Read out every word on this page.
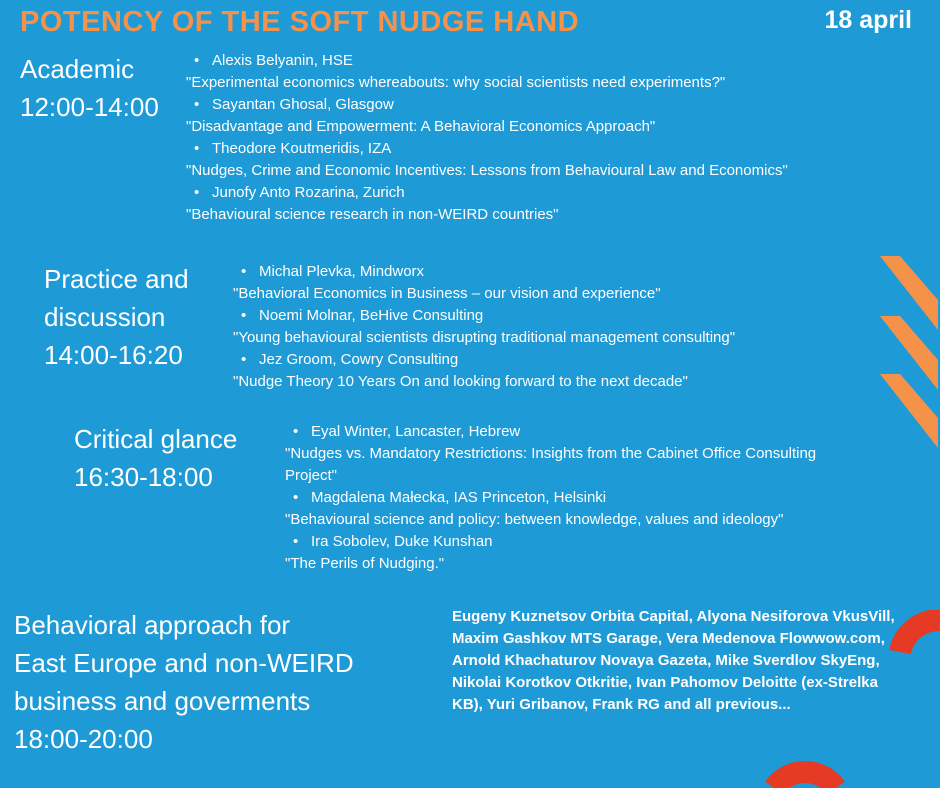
POTENCY OF THE SOFT NUDGE HAND	18 april
Academic
12:00-14:00
• Alexis Belyanin, HSE
"Experimental economics whereabouts: why social scientists need experiments?"
• Sayantan Ghosal, Glasgow
"Disadvantage and Empowerment: A Behavioral Economics Approach"
• Theodore Koutmeridis, IZA
"Nudges, Crime and Economic Incentives: Lessons from Behavioural Law and Economics"
• Junofy Anto Rozarina, Zurich
"Behavioural science research in non-WEIRD countries"
Practice and
discussion
14:00-16:20
• Michal Plevka, Mindworx
"Behavioral Economics in Business – our vision and experience"
• Noemi Molnar, BeHive Consulting
"Young behavioural scientists disrupting traditional management consulting"
• Jez Groom, Cowry Consulting
"Nudge Theory 10 Years On and looking forward to the next decade"
Critical glance
16:30-18:00
• Eyal Winter, Lancaster, Hebrew
"Nudges vs. Mandatory Restrictions: Insights from the Cabinet Office Consulting Project"
• Magdalena Małecka, IAS Princeton, Helsinki
"Behavioural science and policy: between knowledge, values and ideology"
• Ira Sobolev, Duke Kunshan
"The Perils of Nudging."
Behavioral approach for
East Europe and non-WEIRD
business and goverments
18:00-20:00
Eugeny Kuznetsov Orbita Capital, Alyona Nesiforova VkusVill, Maxim Gashkov MTS Garage, Vera Medenova Flowwow.com, Arnold Khachaturov Novaya Gazeta, Mike Sverdlov SkyEng, Nikolai Korotkov Otkritie, Ivan Pahomov Deloitte (ex-Strelka KB), Yuri Gribanov, Frank RG and all previous...
